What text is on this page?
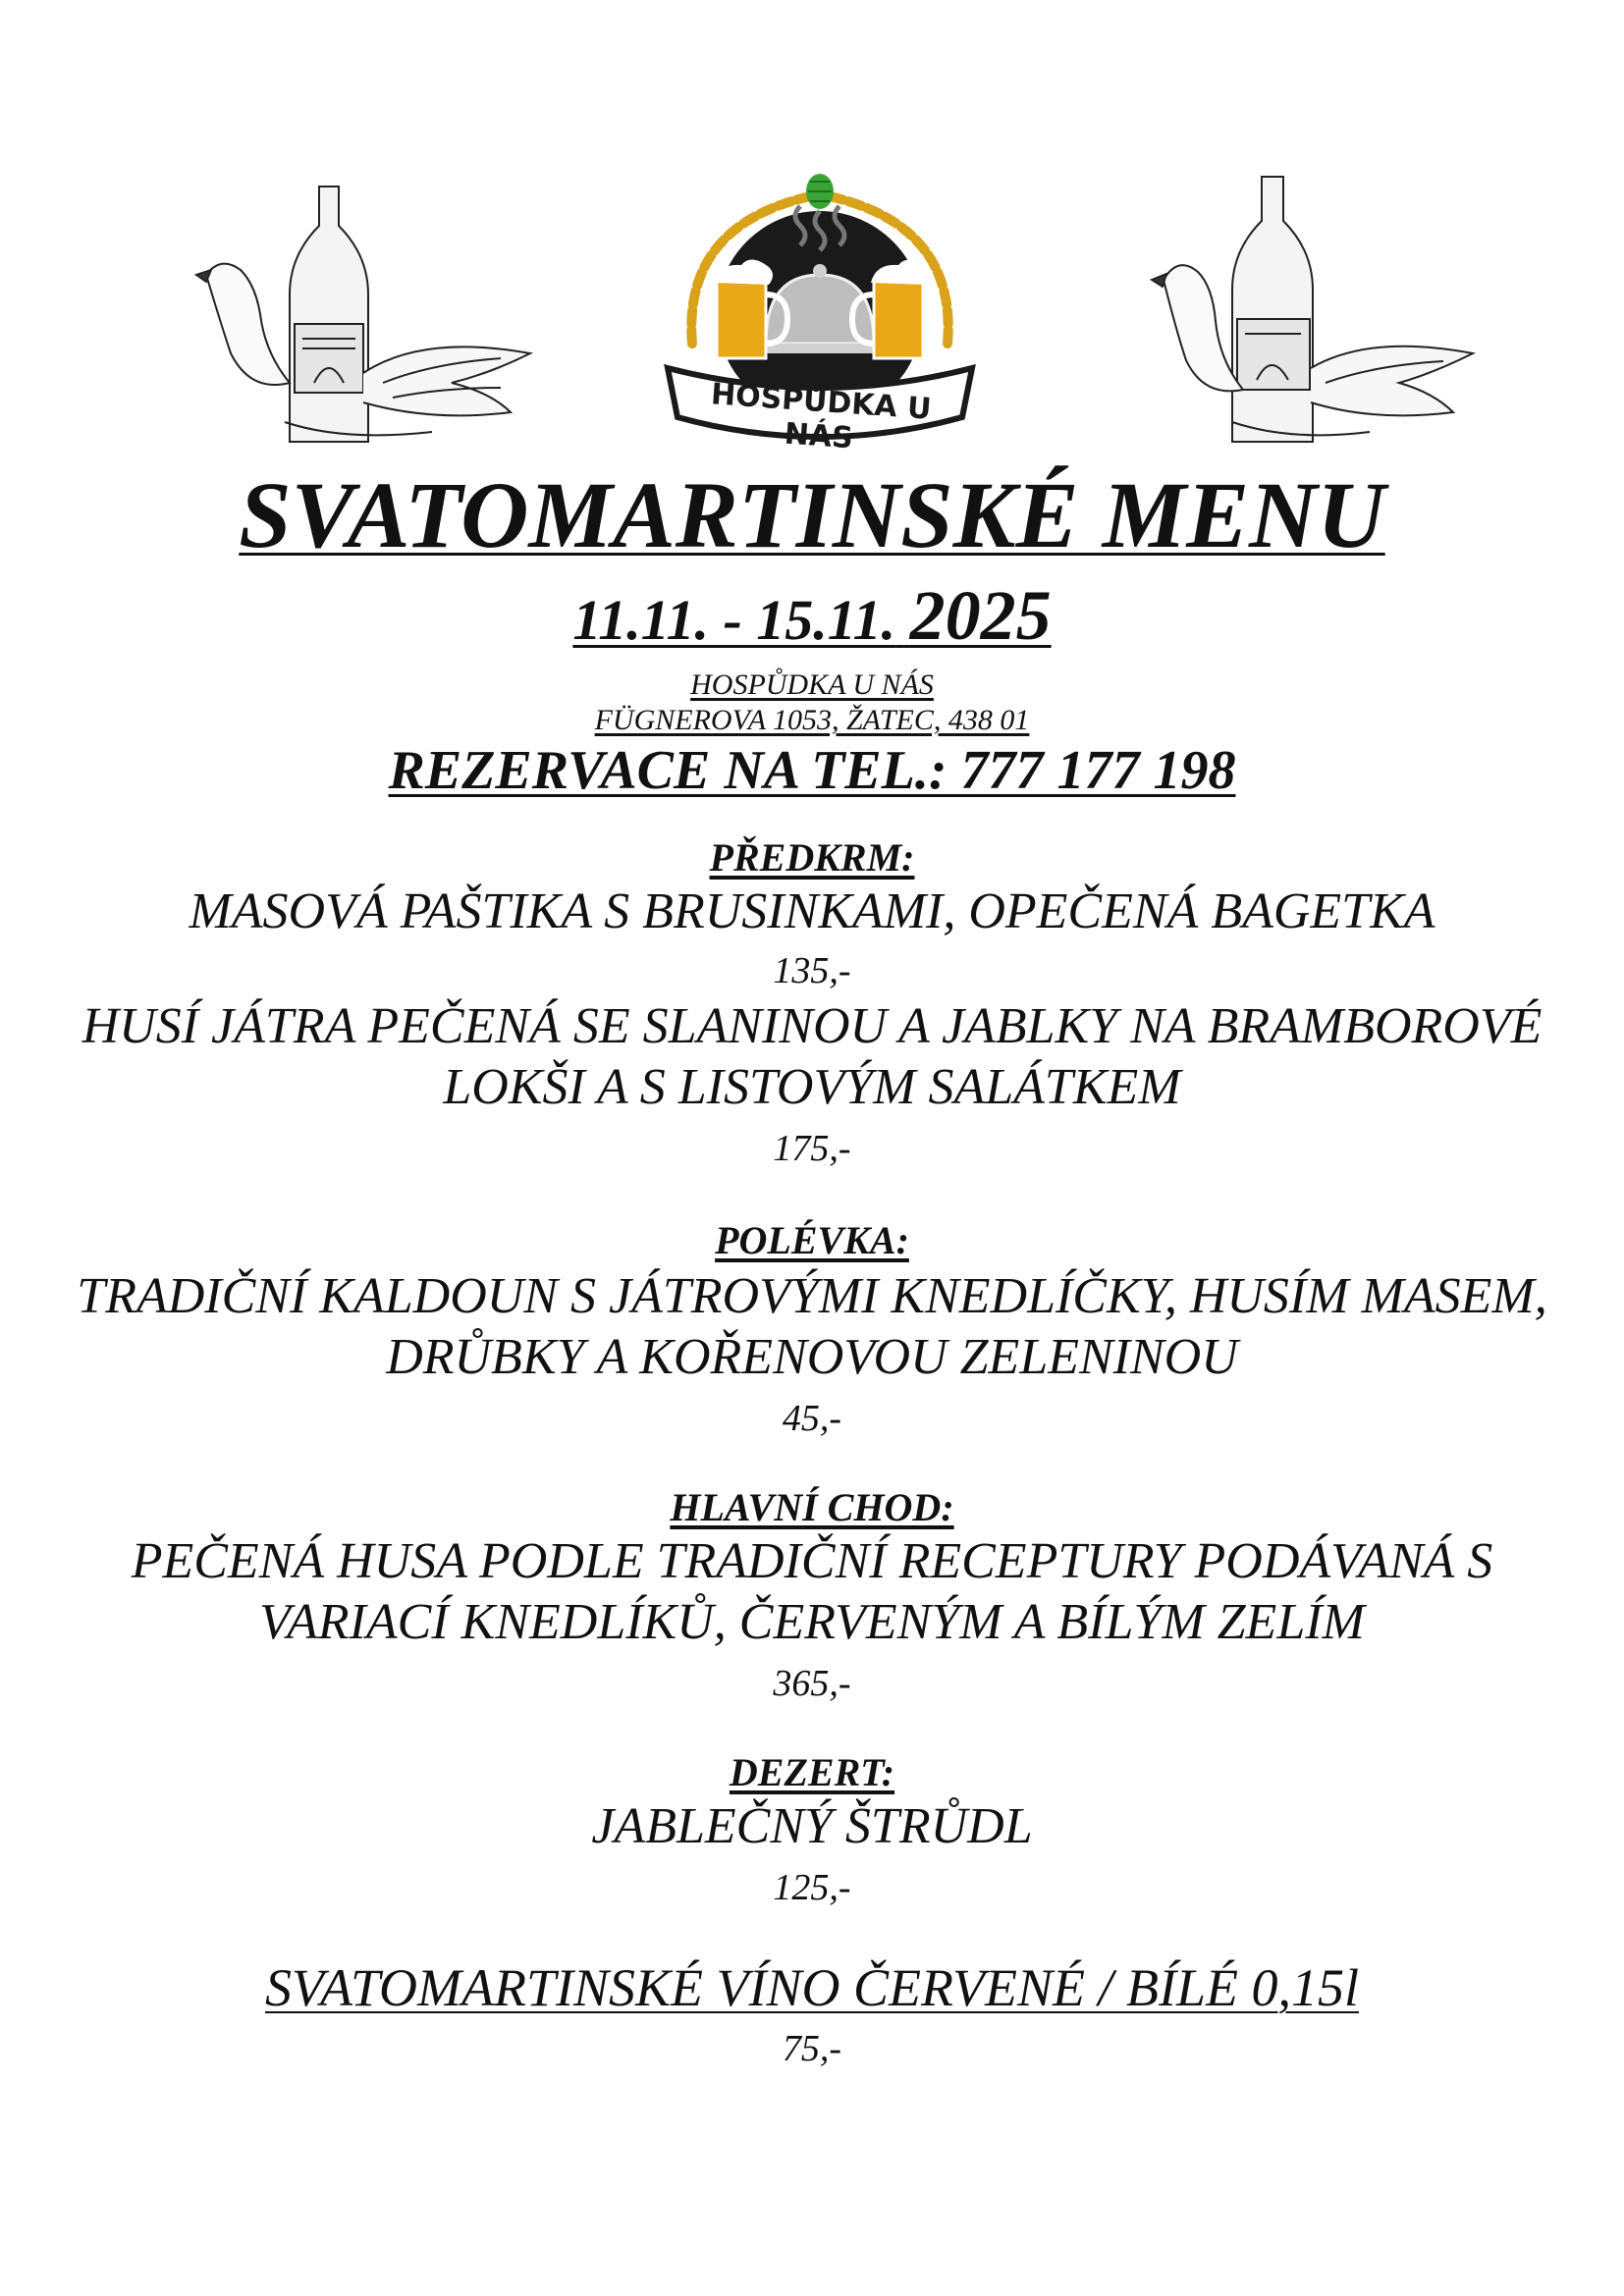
HOSPŮDKA U NÁS
SVATOMARTINSKÉ MENU
11.11. - 15.11. 2025
HOSPŮDKA U NÁS
FÜGNEROVA 1053, ŽATEC, 438 01
REZERVACE NA TEL.: 777 177 198
PŘEDKRM:
MASOVÁ PAŠTIKA S BRUSINKAMI, OPEČENÁ BAGETKA
135,-
HUSÍ JÁTRA PEČENÁ SE SLANINOU A JABLKY NA BRAMBOROVÉ
LOKŠI A S LISTOVÝM SALÁTKEM
175,-
POLÉVKA:
TRADIČNÍ KALDOUN S JÁTROVÝMI KNEDLÍČKY, HUSÍM MASEM,
DRŮBKY A KOŘENOVOU ZELENINOU
45,-
HLAVNÍ CHOD:
PEČENÁ HUSA PODLE TRADIČNÍ RECEPTURY PODÁVANÁ S
VARIACÍ KNEDLÍKŮ, ČERVENÝM A BÍLÝM ZELÍM
365,-
DEZERT:
JABLEČNÝ ŠTRŮDL
125,-
SVATOMARTINSKÉ VÍNO ČERVENÉ / BÍLÉ 0,15l
75,-
